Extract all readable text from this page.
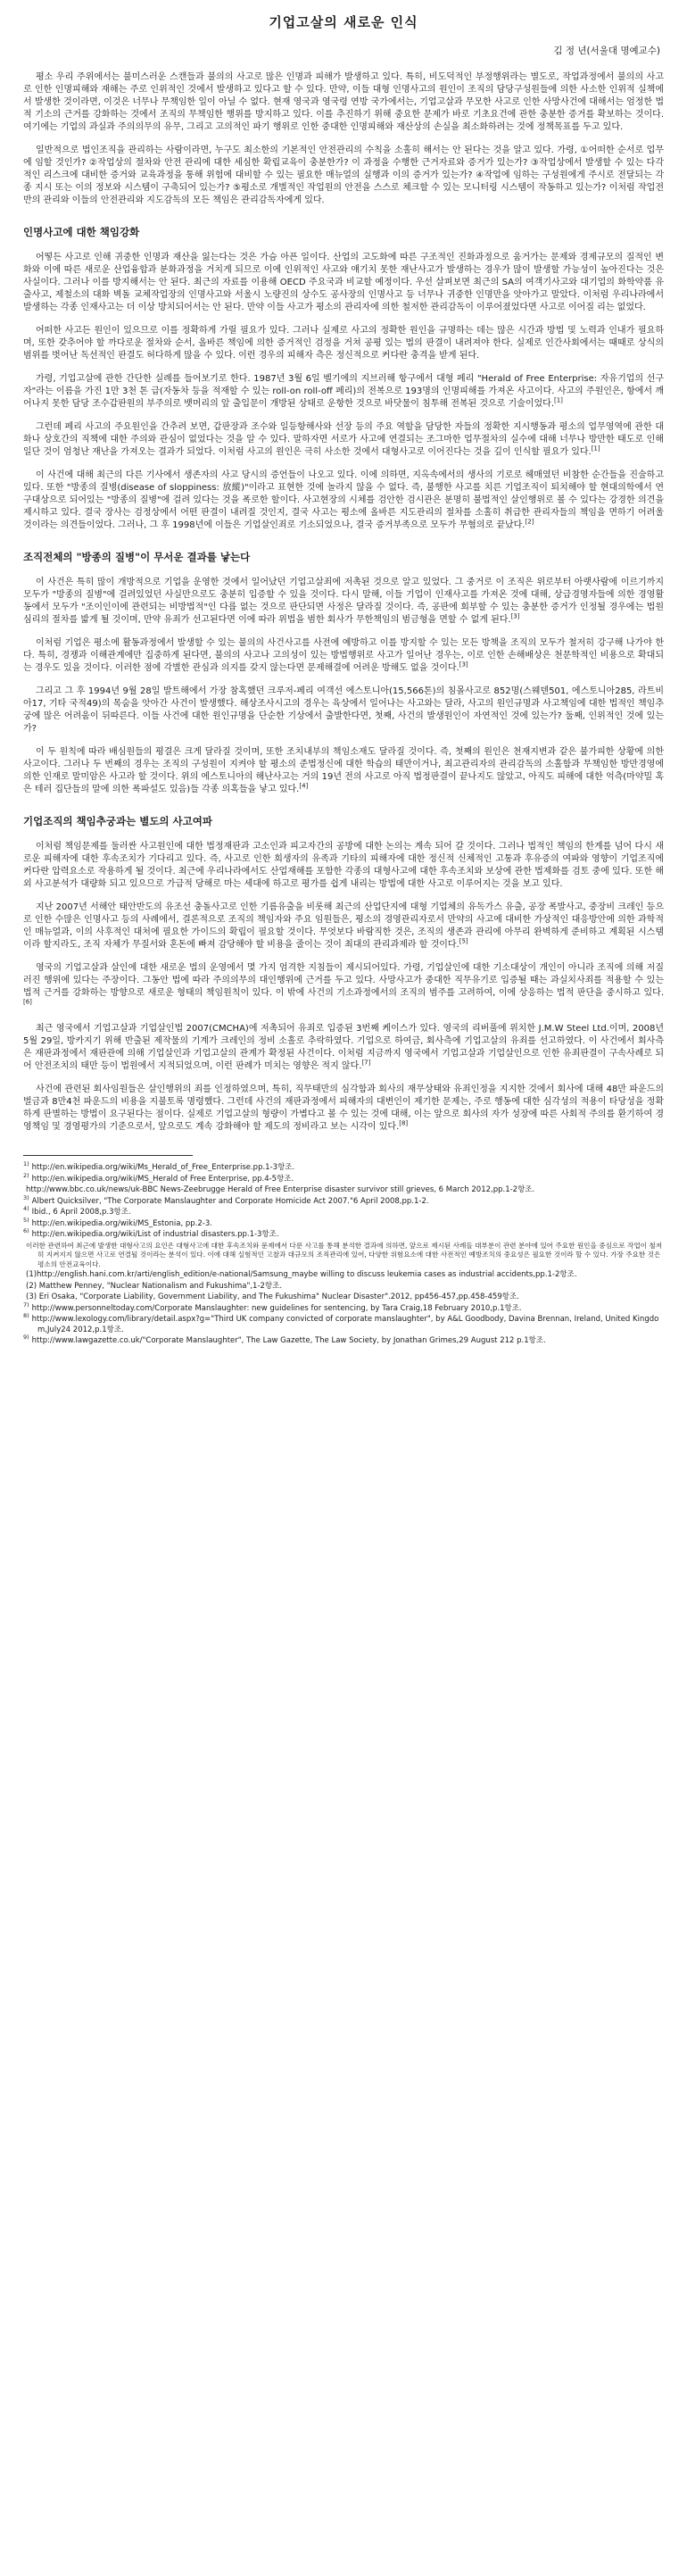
기업고살의 새로운 인식
김 정 년(서울대 명예교수)

평소 우리 주위에서는 불미스러운 스캔들과 불의의 사고로 많은 인명과 피해가 발생하고 있다. 특히, 비도덕적인 부정행위라는 별도로, 작업과정에서 불의의 사고로 인한 인명피해와 재해는 주로 인위적인 것에서 발생하고 있다고 할 수 있다. 만약, 이들 대형 인명사고의 원인이 조직의 담당구성원들에 의한 사소한 인위적 실책에서 발생한 것이라면, 이것은 너무나 무책임한 일이 아닐 수 없다. 현재 영국과 영국령 연방 국가에서는, 기업고살과 무모한 사고로 인한 사망사건에 대해서는 엄정한 법적 기소의 근거를 강화하는 것에서 조직의 무책임한 행위를 방지하고 있다. 이를 추진하기 위해 중요한 문제가 바로 기초요건에 관한 충분한 증거를 확보하는 것이다. 여기에는 기업의 과실과 주의의무의 유무, 그리고 고의적인 파기 행위로 인한 중대한 인명피해와 재산상의 손실을 최소화하려는 것에 정책목표를 두고 있다.

일반적으로 법인조직을 관리하는 사람이라면, 누구도 최소한의 기본적인 안전관리의 수칙을 소홀히 해서는 안 된다는 것을 알고 있다. 가령, ①어떠한 순서로 업무에 임할 것인가? ②작업상의 절차와 안전 관리에 대한 세심한 확립교육이 충분한가? 이 과정을 수행한 근거자료와 증거가 있는가? ③작업상에서 발생할 수 있는 다각적인 리스크에 대비한 증거와 교육과정을 통해 위험에 대비할 수 있는 필요한 매뉴얼의 실행과 이의 증거가 있는가? ④작업에 임하는 구성원에게 주시로 전달되는 각종 지시 또는 이의 정보와 시스템이 구축되어 있는가? ⑤평소로 개별적인 작업원의 안전을 스스로 체크할 수 있는 모니터링 시스템이 작동하고 있는가? 이처럼 작업전반의 관리와 이들의 안전관리와 지도감독의 모든 책임은 관리감독자에게 있다.

인명사고에 대한 책임강화

어떻든 사고로 인해 귀중한 인명과 재산을 잃는다는 것은 가슴 아픈 일이다. 산업의 고도화에 따른 구조적인 진화과정으로 움거가는 문제와 경제규모의 질적인 변화와 이에 따른 새로운 산업융합과 분화과정을 거치게 되므로 이에 인위적인 사고와 얘기치 못한 재난사고가 발생하는 경우가 많이 발생할 가능성이 높아진다는 것은 사실이다. 그러나 이를 방지해서는 안 된다. 최근의 자료를 이용해 OECD 주요국과 비교할 예정이다. 우선 살펴보면 최근의 SA의 여객기사고와 대기업의 화학약품 유출사고, 제철소의 대화 벽돌 교체작업장의 인명사고와 서울시 노량진의 상수도 공사장의 인명사고 등 너무나 귀중한 인명만을 앗아가고 말았다. 이처럼 우리나라에서 발생하는 각종 인재사고는 더 이상 방치되어서는 안 된다. 만약 이들 사고가 평소의 관리자에 의한 철저한 관리감독이 이루어졌었다면 사고로 이어질 리는 없었다.

어떠한 사고든 원인이 있으므로 이를 정확하게 가릴 필요가 있다. 그러나 실제로 사고의 정확한 원인을 규명하는 데는 많은 시간과 방법 및 노력과 인내가 필요하며, 또한 갖추어야 할 까다로운 절차와 순서, 올바른 책임에 의한 증거적인 검정을 거쳐 공평 있는 법의 판결이 내려져야 한다. 실제로 인간사회에서는 때때로 상식의 범위를 벗어난 독선적인 판결도 허다하게 많을 수 있다. 이런 경우의 피해자 측은 정신적으로 커다란 충격을 받게 된다.

가령, 기업고살에 관한 간단한 실례를 들어보기로 한다. 1987년 3월 6일 벨기에의 지브러해 항구에서 대형 페리 "Herald of Free Enterprise: 자유기업의 선구자"라는 이름을 가진 1만 3천 톤 급(자동차 등을 적재할 수 있는 roll-on roll-off 페리)의 전복으로 193명의 인명피해를 가져온 사고이다. 사고의 주원인은, 항에서 깨어나지 못한 담당 조수갑판원의 부주의로 뱃머리의 앞 출입문이 개방된 상태로 운항한 것으로 바닷물이 침투해 전복된 것으로 기술이었다.[1]

그런데 페리 사고의 주요원인을 간추려 보면, 갑판장과 조수와 일등항해사와 선장 등의 주요 역할을 담당한 자들의 정확한 지시행동과 평소의 업무영역에 관한 대화나 상호간의 직책에 대한 주의와 관심이 없었다는 것을 알 수 있다. 말하자면 서로가 사고에 연결되는 조그마한 업무절차의 실수에 대해 너무나 방만한 태도로 인해 일단 것이 엄청난 재난을 가져오는 결과가 되었다. 이처럼 사고의 원인은 극히 사소한 것에서 대형사고로 이어진다는 것을 깊이 인식할 필요가 있다.[1]

이 사건에 대해 최근의 다른 기사에서 생존자의 사고 당시의 증언들이 나오고 있다. 이에 의하면, 지옥속에서의 생사의 기로로 헤매였던 비참한 순간들을 진술하고 있다. 또한 "방종의 질병(disease of sloppiness: 放縱)"이라고 표현한 것에 놀라지 않을 수 없다. 즉, 불행한 사고를 치른 기업조직이 퇴치해야 할 현대의학에서 연구대상으로 되어있는 "방종의 질병"에 걸려 있다는 것을 폭로한 할이다. 사고현장의 시체를 검안한 검시관은 분명히 불법적인 살인행위로 볼 수 있다는 강경한 의견을 제시하고 있다. 결국 장사는 검정상에서 어떤 판결이 내려질 것인지, 결국 사고는 평소에 올바른 지도관리의 절차를 소홀히 취급한 관리자들의 책임을 면하기 어려울 것이라는 의견들이었다. 그러나, 그 후 1998년에 이들은 기업살인죄로 기소되었으나, 결국 증거부족으로 모두가 무혐의로 끝났다.[2]

조직전체의 "방종의 질병"이 무서운 결과를 낳는다

이 사건은 특히 많이 개방적으로 기업을 운영한 것에서 일어났던 기업고살죄에 저촉된 것으로 알고 있었다. 그 중거로 이 조직은 위로부터 아랫사람에 이르기까지 모두가 "방종의 질병"에 걸려있었던 사실만으로도 충분히 입증할 수 있을 것이다. 다시 말해, 이들 기업이 인재사고를 가져온 것에 대해, 상급경영자들에 의한 경영활동에서 모두가 "조이인이에 관련되는 비방법적"인 다릅 없는 것으로 판단되면 사정은 달라질 것이다. 즉, 공판에 회부할 수 있는 충분한 증거가 인정될 경우에는 법원심리의 절차를 밟게 될 것이며, 만약 유죄가 선고된다면 이에 따라 위법을 범한 회사가 무한책임의 범금형을 면할 수 없게 된다.[3]

이처럼 기업은 평소에 활동과정에서 발생할 수 있는 불의의 사건사고를 사전에 예방하고 이를 방지할 수 있는 모든 방책을 조직의 모두가 철저히 강구해 나가야 한다. 특히, 경쟁과 이해관계에만 집중하게 된다면, 불의의 사고나 고의성이 있는 방법행위로 사고가 일어난 경우는, 이로 인한 손해배상은 천문학적인 비용으로 확대되는 경우도 있을 것이다. 이러한 점에 각별한 관심과 의지를 갖지 않는다면 문제해결에 어려운 방해도 없을 것이다.[3]

그리고 그 후 1994년 9월 28일 발트해에서 가장 참혹했던 크루저-페리 여객선 에스토니아(15,566톤)의 침몰사고로 852명(스웨덴501, 에스토니아285, 라트비아17, 기타 국적49)의 목숨을 앗아간 사건이 발생했다. 해상조사시고의 경우는 육상에서 일어나는 사고와는 달라, 사고의 원인규명과 사고책임에 대한 법적인 책임추궁에 많은 어려움이 뒤따른다. 이들 사건에 대한 원인규명을 단순한 기상에서 출발한다면, 첫째, 사건의 발생원인이 자연적인 것에 있는가? 둘째, 인위적인 것에 있는가?

이 두 원칙에 따라 배심원들의 평결은 크게 달라질 것이며, 또한 조치내부의 책임소재도 달라질 것이다. 즉, 첫째의 원인은 천재지변과 같은 불가피한 상황에 의한 사고이다. 그러나 두 번째의 경우는 조직의 구성원이 지켜야 할 평소의 준법정신에 대한 학습의 태만이거나, 최고관리자의 관리감독의 소홀함과 무책임한 방만경영에 의한 인재로 말미암은 사고라 할 것이다. 위의 에스토니아의 해난사고는 거의 19년 전의 사고로 아직 법정판결이 끝나지도 않았고, 아직도 피해에 대한 억측(마약밀 혹은 테러 집단들의 말에 의한 폭파설도 있음)들 각종 의혹들을 낳고 있다.[4]

기업조직의 책임추궁과는 별도의 사고여파

이처럼 책임문제를 둘러싼 사고원인에 대한 법정재판과 고소인과 피고자간의 공방에 대한 논의는 계속 되어 갈 것이다. 그러나 법적인 책임의 한계를 넘어 다시 새로운 피해자에 대한 후속조치가 기다리고 있다. 즉, 사고로 인한 희생자의 유족과 기타의 피해자에 대한 정신적 신체적인 고통과 후유증의 여파와 영향이 기업조직에 커다란 압력요소로 작용하게 될 것이다. 최근에 우리나라에서도 산업재해를 포함한 각종의 대형사고에 대한 후속조치와 보상에 관한 법제화를 검토 중에 있다. 또한 해외 사고분석가 대량화 되고 있으므로 가급적 당해로 마는 세대에 하고로 평가를 쉽게 내리는 방법에 대한 사고로 이루어지는 것을 보고 있다.

지난 2007년 서해안 태안반도의 유조선 충돌사고로 인한 기름유출을 비롯해 최근의 산업단지에 대형 기업체의 유독가스 유출, 공장 폭발사고, 중장비 크레인 등으로 인한 수많은 인명사고 등의 사례에서, 결론적으로 조직의 책임자와 주요 임원들은, 평소의 경영관리자로서 만약의 사고에 대비한 가상적인 대응방안에 의한 과학적인 매뉴얼과, 이의 사후적인 대처에 필요한 가이드의 확립이 필요할 것이다. 무엇보다 바람직한 것은, 조직의 생존과 관리에 아무리 완벽하게 준비하고 계획된 시스템이라 할지라도, 조직 자체가 무질서와 혼돈에 빠져 감당해야 할 비용을 줄이는 것이 최대의 관리과제라 할 것이다.[5]

영국의 기업고살과 살인에 대한 새로운 법의 운영에서 몇 가지 엄격한 지침들이 제시되어있다. 가령, 기업살인에 대한 기소대상이 개인이 아니라 조직에 의해 저질러진 행위에 있다는 주장이다. 그동안 법에 따라 주의의무의 대인행위에 근거를 두고 있다. 사망사고가 중대한 직무유기로 입증될 때는 과실치사죄를 적용할 수 있는 법적 근거를 강화하는 방향으로 새로운 형태의 책임원칙이 있다. 이 밖에 사건의 기소과정에서의 조직의 범주를 고려하여, 이에 상응하는 법적 판단을 중시하고 있다.[6]

최근 영국에서 기업고살과 기업살인법 2007(CMCHA)에 저촉되어 유죄로 입증된 3번째 케이스가 있다. 영국의 리버풀에 위치한 J.M.W Steel Ltd.이며, 2008년 5월 29일, 방카지기 위해 반출된 제작물의 기계가 크레인의 정비 소홀로 추락하였다. 기업으로 하여금, 회사측에 기업고살의 유죄를 선고하였다. 이 사건에서 회사측은 재판과정에서 재판관에 의해 기업살인과 기업고살의 관계가 확정된 사건이다. 이처럼 지금까지 영국에서 기업고살과 기업살인으로 인한 유죄판결이 구속사례로 되어 안전조치의 태만 등이 법원에서 지적되었으며, 이런 판례가 미치는 영향은 적지 않다.[7]

사건에 관련된 회사임원들은 살인행위의 죄를 인정하였으며, 특히, 직무태만의 심각함과 회사의 재무상태와 유죄인정을 지지한 것에서 회사에 대해 48만 파운드의 벌금과 8만4천 파운드의 비용을 지불토록 명령했다. 그런데 사건의 재판과정에서 피해자의 대변인이 제기한 문제는, 주로 행동에 대한 심각성의 적용이 타당성을 정확하게 판별하는 방법이 요구된다는 점이다. 실제로 기업고살의 형량이 가볍다고 볼 수 있는 것에 대해, 이는 앞으로 회사의 자가 성장에 따른 사회적 주의를 환기하여 경영책임 및 경영평가의 기준으로서, 앞으로도 계속 강화해야 할 제도의 정비라고 보는 시각이 있다.[8]

$^{1)}$ http://en.wikipedia.org/wiki/Ms_Herald_of_Free_Enterprise.pp.1-3항조.
$^{2)}$ http://en.wikipedia.org/wiki/MS_Herald of Free Enterprise, pp.4-5항조.
http://www.bbc.co.uk/news/uk-BBC News-Zeebrugge Herald of Free Enterprise disaster survivor still grieves, 6 March 2012,pp.1-2항조.
$^{3)}$ Albert Quicksilver, "The Corporate Manslaughter and Corporate Homicide Act 2007."6 April 2008,pp.1-2.
$^{4)}$ Ibid., 6 April 2008,p.3항조.
$^{5)}$ http://en.wikipedia.org/wiki/MS_Estonia, pp.2-3.
$^{6)}$ http://en.wikipedia.org/wiki/List of industrial disasters.pp.1-3항조.
이러한 관련하여 최근에 발생한 대형사고의 요인은 대형사고에 대한 후속조치와 문제에서 다룬 사고를 통해 분석한 결과에 의하면, 앞으로 제시된 사례들 대부분이 관련 분야에 있어 주요한 원인을 중심으로 작업이 철저히 지켜지지 않으면 사고로 연결될 것이라는 분석이 있다. 이에 대해 실험적인 고찰과 대규모의 조직관리에 있어, 다양한 위험요소에 대한 사전적인 예방조치의 중요성은 필요한 것이라 할 수 있다. 가장 주요한 것은 평소의 안전교육이다.
(1)http://english.hani.com.kr/arti/english_edition/e-national/Samsung_maybe willing to discuss leukemia cases as industrial accidents,pp.1-2항조.
(2) Matthew Penney, "Nuclear Nationalism and Fukushima",1-2항조.
(3) Eri Osaka, "Corporate Liability, Government Liability, and The Fukushima" Nuclear Disaster".2012, pp456-457,pp.458-459항조.
$^{7)}$ http://www.personneltoday.com/Corporate Manslaughter: new guidelines for sentencing, by Tara Craig,18 February 2010,p.1항조.
$^{8)}$ http://www.lexology.com/library/detail.aspx?g="Third UK company convicted of corporate manslaughter", by A&L Goodbody, Davina Brennan, Ireland, United Kingdom,July24 2012,p.1항조.
$^{9)}$ http://www.lawgazette.co.uk/"Corporate Manslaughter", The Law Gazette, The Law Society, by Jonathan Grimes,29 August 212 p.1항조.
